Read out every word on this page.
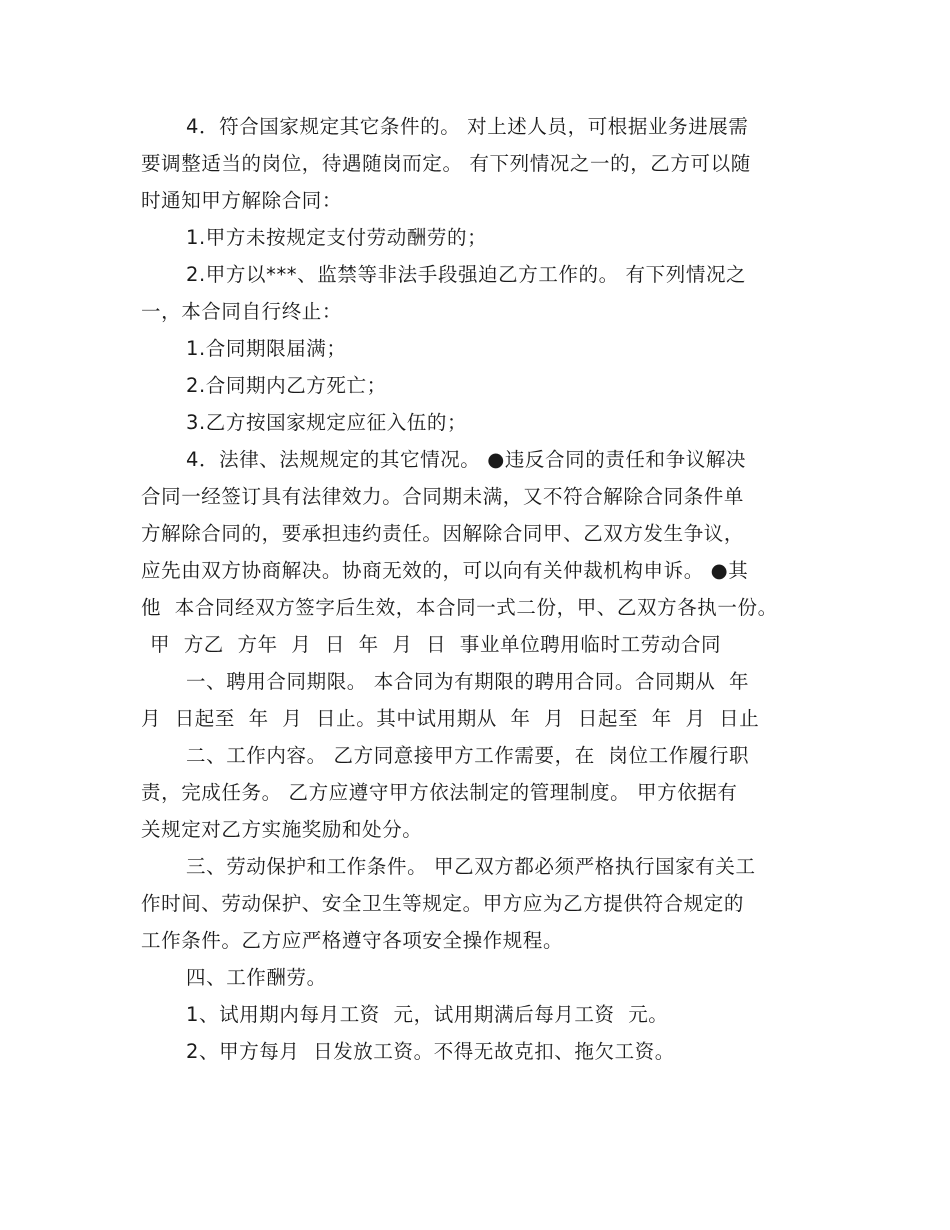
4．符合国家规定其它条件的。 对上述人员，可根据业务进展需
要调整适当的岗位，待遇随岗而定。 有下列情况之一的，乙方可以随
时通知甲方解除合同：
1.甲方未按规定支付劳动酬劳的；
2.甲方以***、监禁等非法手段强迫乙方工作的。 有下列情况之
一，本合同自行终止：
1.合同期限届满；
2.合同期内乙方死亡；
3.乙方按国家规定应征入伍的；
4．法律、法规规定的其它情况。 ●违反合同的责任和争议解决
合同一经签订具有法律效力。合同期未满，又不符合解除合同条件单
方解除合同的，要承担违约责任。因解除合同甲、乙双方发生争议，
应先由双方协商解决。协商无效的，可以向有关仲裁机构申诉。 ●其
他  本合同经双方签字后生效，本合同一式二份，甲、乙双方各执一份。
甲  方乙  方年  月  日  年  月  日  事业单位聘用临时工劳动合同
一、聘用合同期限。 本合同为有期限的聘用合同。合同期从  年
月  日起至  年  月  日止。其中试用期从  年  月  日起至  年  月  日止
二、工作内容。 乙方同意接甲方工作需要，在  岗位工作履行职
责，完成任务。 乙方应遵守甲方依法制定的管理制度。 甲方依据有
关规定对乙方实施奖励和处分。
三、劳动保护和工作条件。 甲乙双方都必须严格执行国家有关工
作时间、劳动保护、安全卫生等规定。甲方应为乙方提供符合规定的
工作条件。乙方应严格遵守各项安全操作规程。
四、工作酬劳。
1、试用期内每月工资  元，试用期满后每月工资  元。
2、甲方每月  日发放工资。不得无故克扣、拖欠工资。
